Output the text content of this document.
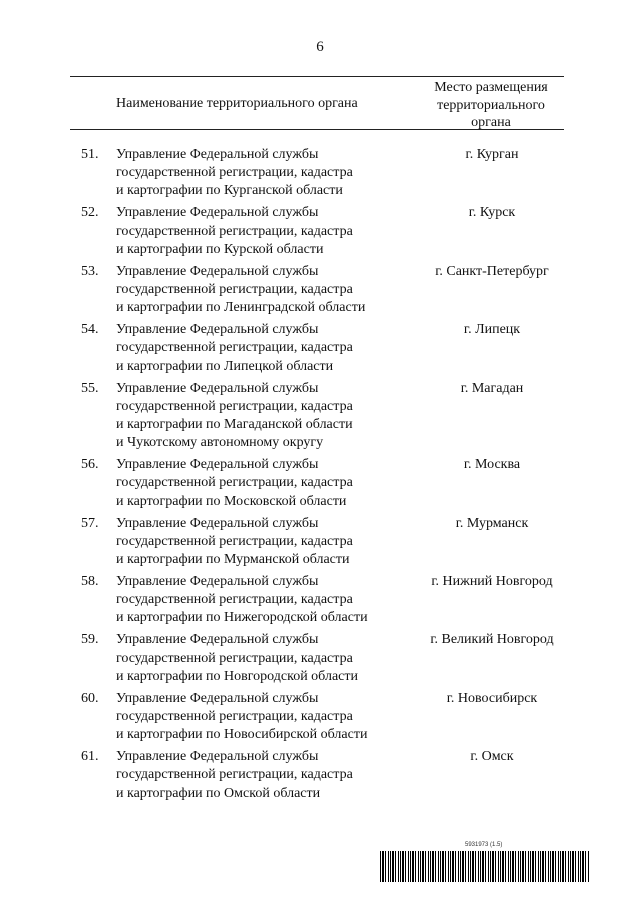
6
Наименование территориального органа
Место размещения территориального органа
51.	Управление Федеральной службы
государственной регистрации, кадастра
и картографии по Курганской области
г. Курган
52.	Управление Федеральной службы
государственной регистрации, кадастра
и картографии по Курской области
г. Курск
53.	Управление Федеральной службы
государственной регистрации, кадастра
и картографии по Ленинградской области
г. Санкт-Петербург
54.	Управление Федеральной службы
государственной регистрации, кадастра
и картографии по Липецкой области
г. Липецк
55.	Управление Федеральной службы
государственной регистрации, кадастра
и картографии по Магаданской области
и Чукотскому автономному округу
г. Магадан
56.	Управление Федеральной службы
государственной регистрации, кадастра
и картографии по Московской области
г. Москва
57.	Управление Федеральной службы
государственной регистрации, кадастра
и картографии по Мурманской области
г. Мурманск
58.	Управление Федеральной службы
государственной регистрации, кадастра
и картографии по Нижегородской области
г. Нижний Новгород
59.	Управление Федеральной службы
государственной регистрации, кадастра
и картографии по Новгородской области
г. Великий Новгород
60.	Управление Федеральной службы
государственной регистрации, кадастра
и картографии по Новосибирской области
г. Новосибирск
61.	Управление Федеральной службы
государственной регистрации, кадастра
и картографии по Омской области
г. Омск
5931973 (1.5)
